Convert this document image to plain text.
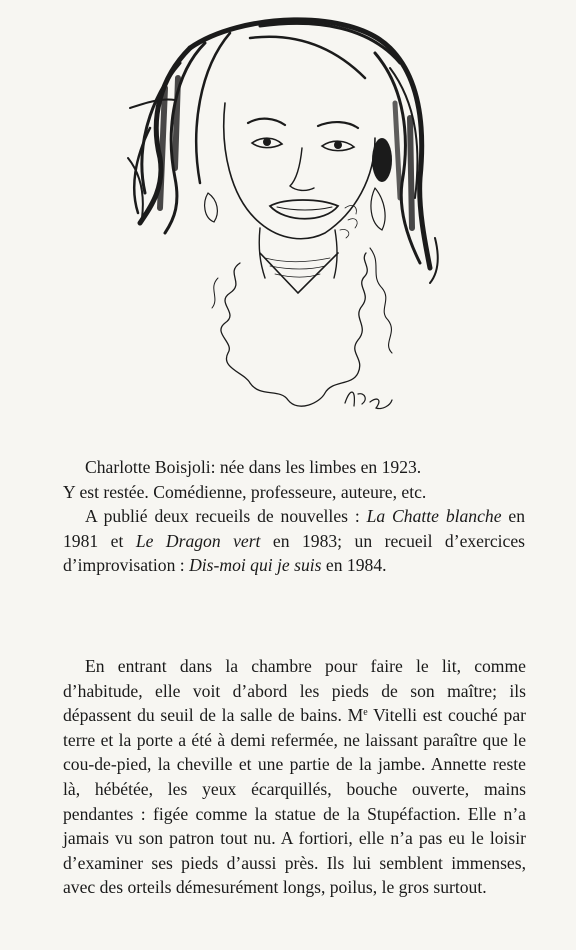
Charlotte Boisjoli: née dans les limbes en 1923.

Y est restée. Comédienne, professeure, auteure, etc.

A publié deux recueils de nouvelles : La Chatte blanche en 1981 et Le Dragon vert en 1983; un recueil d’exercices d’improvisation : Dis-moi qui je suis en 1984.

En entrant dans la chambre pour faire le lit, comme d’habitude, elle voit d’abord les pieds de son maître; ils dépassent du seuil de la salle de bains. Me Vitelli est couché par terre et la porte a été à demi refermée, ne laissant paraître que le cou-de-pied, la cheville et une partie de la jambe. Annette reste là, hébétée, les yeux écarquillés, bouche ouverte, mains pendantes : figée comme la statue de la Stupéfaction. Elle n’a jamais vu son patron tout nu. A fortiori, elle n’a pas eu le loisir d’examiner ses pieds d’aussi près. Ils lui semblent immenses, avec des orteils démesurément longs, poilus, le gros surtout.
